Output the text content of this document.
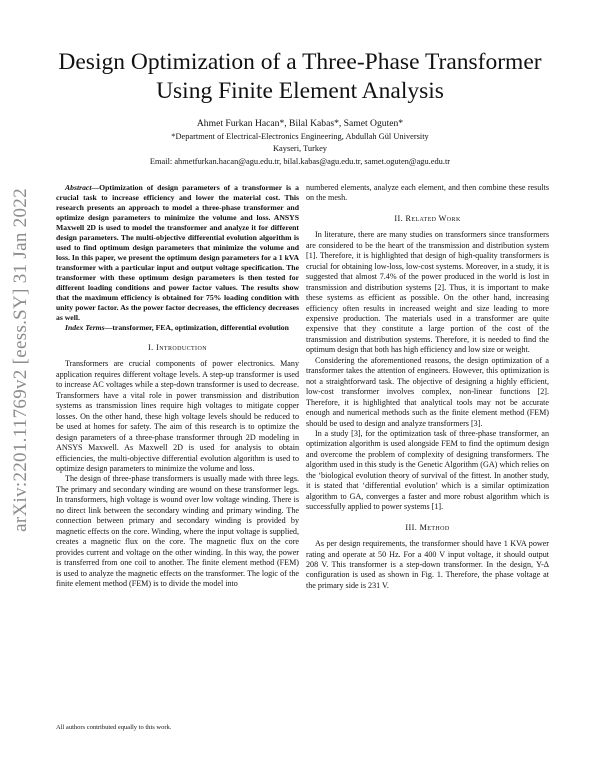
arXiv:2201.11769v2 [eess.SY] 31 Jan 2022
Design Optimization of a Three-Phase Transformer
Using Finite Element Analysis
Ahmet Furkan Hacan*, Bilal Kabas*, Samet Oguten*
*Department of Electrical-Electronics Engineering, Abdullah Gül University
Kayseri, Turkey
Email: ahmetfurkan.hacan@agu.edu.tr, bilal.kabas@agu.edu.tr, samet.oguten@agu.edu.tr

Abstract—Optimization of design parameters of a transformer is a crucial task to increase efficiency and lower the material cost. This research presents an approach to model a three-phase transformer and optimize design parameters to minimize the volume and loss. ANSYS Maxwell 2D is used to model the transformer and analyze it for different design parameters. The multi-objective differential evolution algorithm is used to find optimum design parameters that minimize the volume and loss. In this paper, we present the optimum design parameters for a 1 kVA transformer with a particular input and output voltage specification. The transformer with these optimum design parameters is then tested for different loading conditions and power factor values. The results show that the maximum efficiency is obtained for 75% loading condition with unity power factor. As the power factor decreases, the efficiency decreases as well.

Index Terms—transformer, FEA, optimization, differential evolution

I. Introduction

Transformers are crucial components of power electronics. Many application requires different voltage levels. A step-up transformer is used to increase AC voltages while a step-down transformer is used to decrease. Transformers have a vital role in power transmission and distribution systems as transmission lines require high voltages to mitigate copper losses. On the other hand, these high voltage levels should be reduced to be used at homes for safety. The aim of this research is to optimize the design parameters of a three-phase transformer through 2D modeling in ANSYS Maxwell. As Maxwell 2D is used for analysis to obtain efficiencies, the multi-objective differential evolution algorithm is used to optimize design parameters to minimize the volume and loss.

The design of three-phase transformers is usually made with three legs. The primary and secondary winding are wound on these transformer legs. In transformers, high voltage is wound over low voltage winding. There is no direct link between the secondary winding and primary winding. The connection between primary and secondary winding is provided by magnetic effects on the core. Winding, where the input voltage is supplied, creates a magnetic flux on the core. The magnetic flux on the core provides current and voltage on the other winding. In this way, the power is transferred from one coil to another. The finite element method (FEM) is used to analyze the magnetic effects on the transformer. The logic of the finite element method (FEM) is to divide the model into

All authors contributed equally to this work.

numbered elements, analyze each element, and then combine these results on the mesh.

II. Related Work

In literature, there are many studies on transformers since transformers are considered to be the heart of the transmission and distribution system [1]. Therefore, it is highlighted that design of high-quality transformers is crucial for obtaining low-loss, low-cost systems. Moreover, in a study, it is suggested that almost 7.4% of the power produced in the world is lost in transmission and distribution systems [2]. Thus, it is important to make these systems as efficient as possible. On the other hand, increasing efficiency often results in increased weight and size leading to more expensive production. The materials used in a transformer are quite expensive that they constitute a large portion of the cost of the transmission and distribution systems. Therefore, it is needed to find the optimum design that both has high efficiency and low size or weight.

Considering the aforementioned reasons, the design optimization of a transformer takes the attention of engineers. However, this optimization is not a straightforward task. The objective of designing a highly efficient, low-cost transformer involves complex, non-linear functions [2]. Therefore, it is highlighted that analytical tools may not be accurate enough and numerical methods such as the finite element method (FEM) should be used to design and analyze transformers [3].

In a study [3], for the optimization task of three-phase transformer, an optimization algorithm is used alongside FEM to find the optimum design and overcome the problem of complexity of designing transformers. The algorithm used in this study is the Genetic Algorithm (GA) which relies on the ‘biological evolution theory of survival of the fittest. In another study, it is stated that ‘differential evolution’ which is a similar optimization algorithm to GA, converges a faster and more robust algorithm which is successfully applied to power systems [1].

III. Method

As per design requirements, the transformer should have 1 KVA power rating and operate at 50 Hz. For a 400 V input voltage, it should output 208 V. This transformer is a step-down transformer. In the design, Y-Δ configuration is used as shown in Fig. 1. Therefore, the phase voltage at the primary side is 231 V.
